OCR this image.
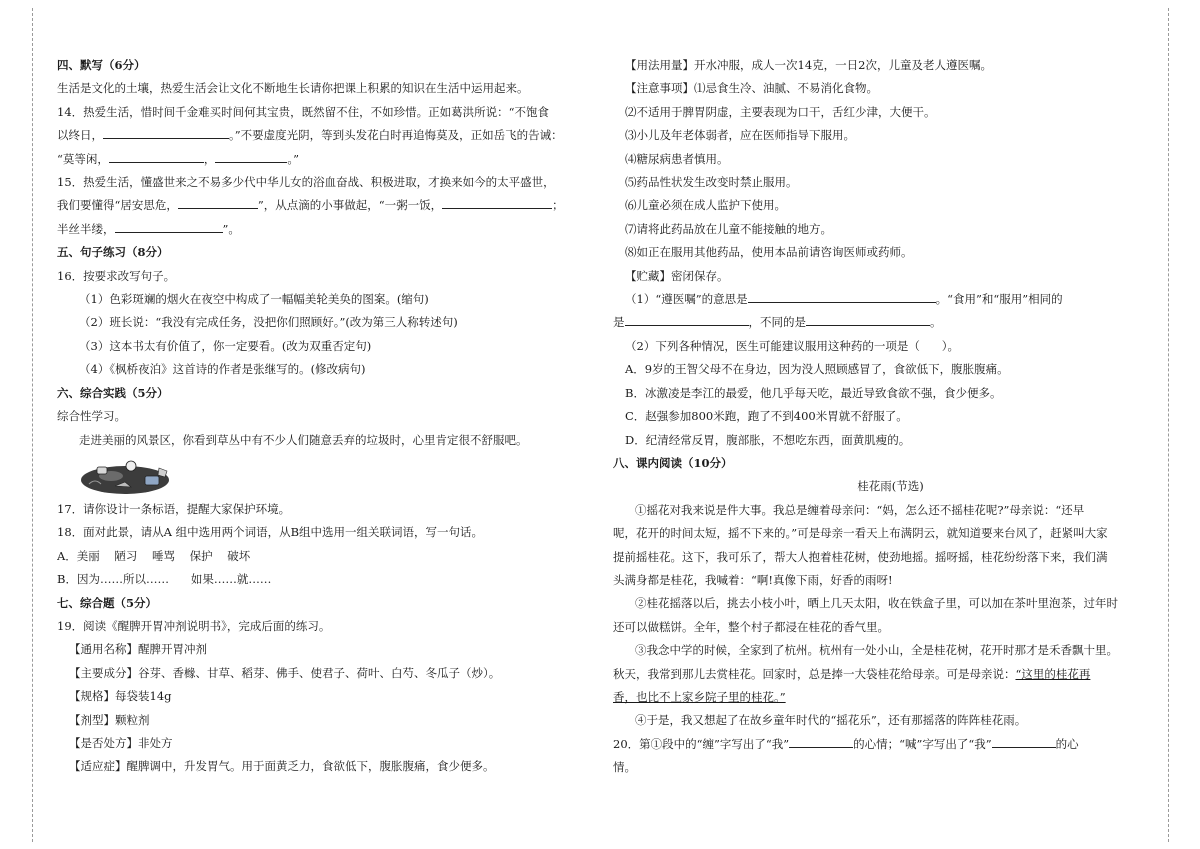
四、默写（6分）
生活是文化的土壤，热爱生活会让文化不断地生长请你把课上积累的知识在生活中运用起来。
14．热爱生活，惜时间千金难买时间何其宝贵，既然留不住，不如珍惜。正如葛洪所说：“不饱食
以终日，	。”不要虚度光阴，等到头发花白时再追悔莫及，正如岳飞的告诫：
“莫等闲，	，	。”
15．热爱生活，懂盛世来之不易多少代中华儿女的浴血奋战、积极进取，才换来如今的太平盛世，
我们要懂得“居安思危，	”，从点滴的小事做起，“一粥一饭，	；
半丝半缕，	”。
五、句子练习（8分）
16．按要求改写句子。
（1）色彩斑斓的烟火在夜空中构成了一幅幅美轮美奂的图案。(缩句)
（2）班长说：“我没有完成任务，没把你们照顾好。”(改为第三人称转述句)
（3）这本书太有价值了，你一定要看。(改为双重否定句)
（4）《枫桥夜泊》这首诗的作者是张继写的。(修改病句)
六、综合实践（5分）
综合性学习。
走进美丽的风景区，你看到草丛中有不少人们随意丢弃的垃圾时，心里肯定很不舒服吧。
17．请你设计一条标语，提醒大家保护环境。
18．面对此景，请从A 组中选用两个词语，从B组中选用一组关联词语，写一句话。
A．美丽    陋习    唾骂    保护    破坏
B．因为……所以……      如果……就……
七、综合题（5分）
19．阅读《醒脾开胃冲剂说明书》，完成后面的练习。
【通用名称】醒脾开胃冲剂
【主要成分】谷芽、香橼、甘草、稻芽、佛手、使君子、荷叶、白芍、冬瓜子（炒）。
【规格】每袋装14g
【剂型】颗粒剂
【是否处方】非处方
【适应症】醒脾调中，升发胃气。用于面黄乏力，食欲低下，腹胀腹痛，食少便多。
【用法用量】开水冲服，成人一次14克，一日2次，儿童及老人遵医嘱。
【注意事项】⑴忌食生冷、油腻、不易消化食物。
⑵不适用于脾胃阴虚，主要表现为口干，舌红少津，大便干。
⑶小儿及年老体弱者，应在医师指导下服用。
⑷糖尿病患者慎用。
⑸药品性状发生改变时禁止服用。
⑹儿童必须在成人监护下使用。
⑺请将此药品放在儿童不能接触的地方。
⑻如正在服用其他药品，使用本品前请咨询医师或药师。
【贮藏】密闭保存。
（1）“遵医嘱”的意思是	。“食用”和“服用”相同的
是	，不同的是	。
（2）下列各种情况，医生可能建议服用这种药的一项是（      ）。
A．9岁的王智父母不在身边，因为没人照顾感冒了，食欲低下，腹胀腹痛。
B．冰激凌是李江的最爱，他几乎每天吃，最近导致食欲不强，食少便多。
C．赵强参加800米跑，跑了不到400米胃就不舒服了。
D．纪清经常反胃，腹部胀，不想吃东西，面黄肌瘦的。
八、课内阅读（10分）
桂花雨(节选)
①摇花对我来说是件大事。我总是缠着母亲问：“妈，怎么还不摇桂花呢?”母亲说：“还早
呢，花开的时间太短，摇不下来的。”可是母亲一看天上布满阴云，就知道要来台风了，赶紧叫大家
提前摇桂花。这下，我可乐了，帮大人抱着桂花树，使劲地摇。摇呀摇，桂花纷纷落下来，我们满
头满身都是桂花，我喊着：“啊!真像下雨，好香的雨呀!
②桂花摇落以后，挑去小枝小叶，晒上几天太阳，收在铁盒子里，可以加在茶叶里泡茶，过年时
还可以做糕饼。全年，整个村子都浸在桂花的香气里。
③我念中学的时候，全家到了杭州。杭州有一处小山，全是桂花树，花开时那才是禾香飘十里。
秋天，我常到那儿去赏桂花。回家时，总是捧一大袋桂花给母亲。可是母亲说：“这里的桂花再
香，也比不上家乡院子里的桂花。”
④于是，我又想起了在故乡童年时代的“摇花乐”，还有那摇落的阵阵桂花雨。
20．第①段中的“缠”字写出了“我”	的心情；“喊”字写出了“我”	的心
情。
